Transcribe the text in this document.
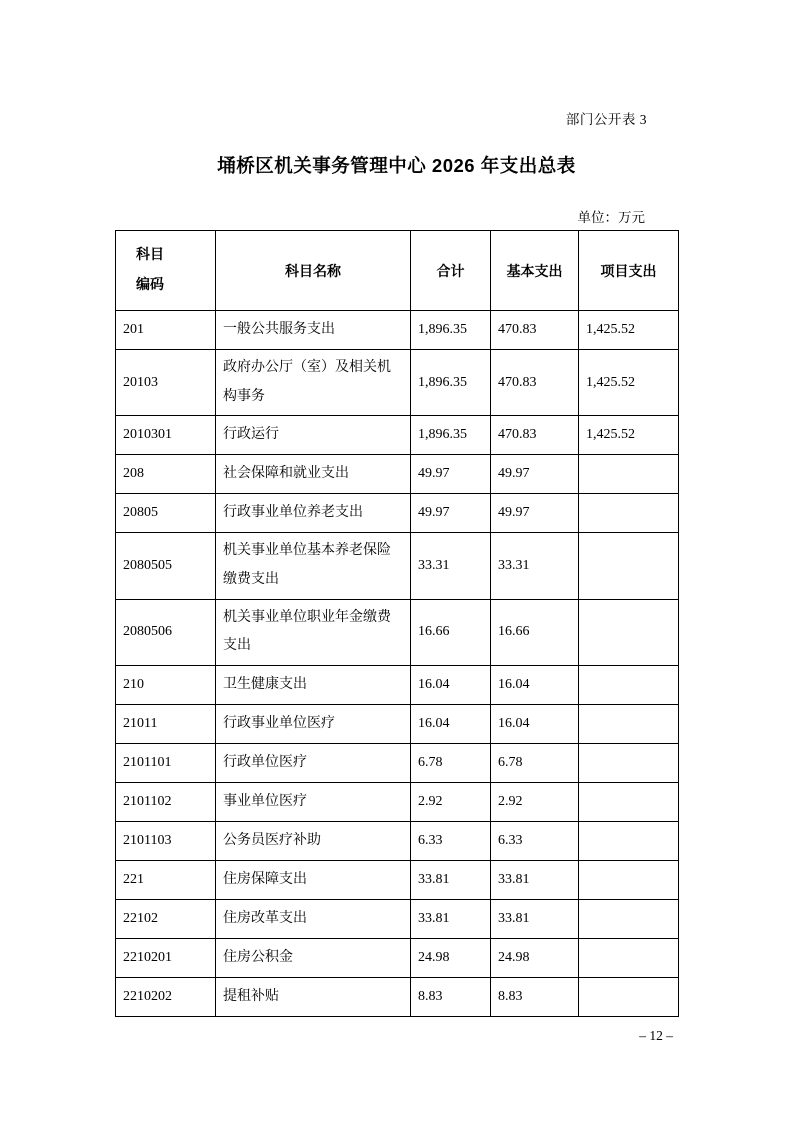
部门公开表 3
埇桥区机关事务管理中心 2026 年支出总表
单位：万元
科目
编码	科目名称	合计	基本支出	项目支出
201	一般公共服务支出	1,896.35	470.83	1,425.52
20103	政府办公厅（室）及相关机构事务	1,896.35	470.83	1,425.52
2010301	行政运行	1,896.35	470.83	1,425.52
208	社会保障和就业支出	49.97	49.97	
20805	行政事业单位养老支出	49.97	49.97	
2080505	机关事业单位基本养老保险缴费支出	33.31	33.31	
2080506	机关事业单位职业年金缴费支出	16.66	16.66	
210	卫生健康支出	16.04	16.04	
21011	行政事业单位医疗	16.04	16.04	
2101101	行政单位医疗	6.78	6.78	
2101102	事业单位医疗	2.92	2.92	
2101103	公务员医疗补助	6.33	6.33	
221	住房保障支出	33.81	33.81	
22102	住房改革支出	33.81	33.81	
2210201	住房公积金	24.98	24.98	
2210202	提租补贴	8.83	8.83	
– 12 –
